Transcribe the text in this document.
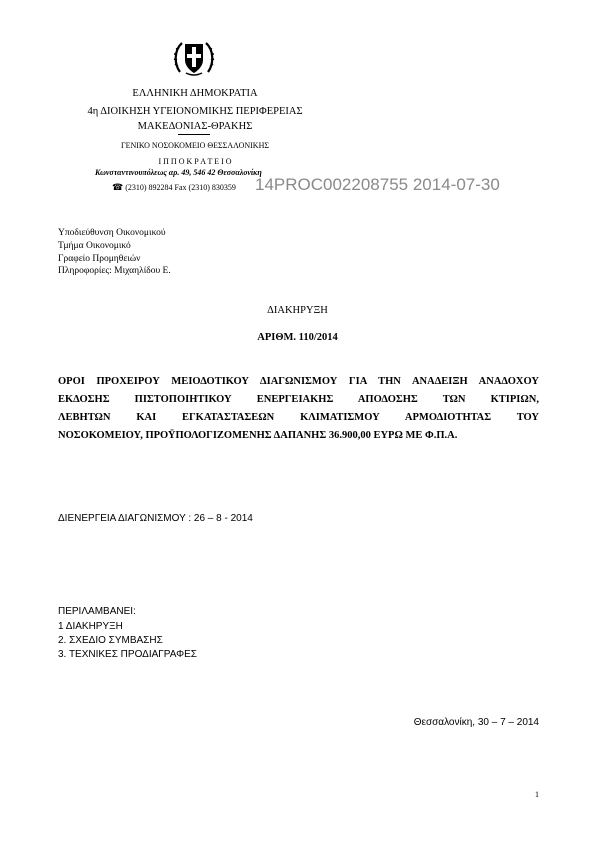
ΕΛΛΗΝΙΚΗ ΔΗΜΟΚΡΑΤΙΑ
4η ΔΙΟΙΚΗΣΗ ΥΓΕΙΟΝΟΜΙΚΗΣ ΠΕΡΙΦΕΡΕΙΑΣ
ΜΑΚΕΔΟΝΙΑΣ-ΘΡΑΚΗΣ
ΓΕΝΙΚΟ ΝΟΣΟΚΟΜΕΙΟ ΘΕΣΣΑΛΟΝΙΚΗΣ
Ι Π Π Ο Κ Ρ Α Τ Ε Ι Ο
Κωνσταντινουπόλεως αρ. 49, 546 42 Θεσσαλονίκη
☎ (2310) 892284 Fax (2310) 830359 14PROC002208755 2014-07-30
Υποδιεύθυνση Οικονομικού
Τμήμα Οικονομικό
Γραφείο Προμηθειών
Πληροφορίες: Μιχαηλίδου Ε.
ΔΙΑΚΗΡΥΞΗ
ΑΡΙΘΜ. 110/2014
ΟΡΟΙ ΠΡΟΧΕΙΡΟΥ ΜΕΙΟΔΟΤΙΚΟΥ ΔΙΑΓΩΝΙΣΜΟΥ ΓΙΑ ΤΗΝ ΑΝΑΔΕΙΞΗ ΑΝΑΔΟΧΟΥ
ΕΚΔΟΣΗΣ ΠΙΣΤΟΠΟΙΗΤΙΚΟΥ ΕΝΕΡΓΕΙΑΚΗΣ ΑΠΟΔΟΣΗΣ ΤΩΝ ΚΤΙΡΙΩΝ,
ΛΕΒΗΤΩΝ ΚΑΙ ΕΓΚΑΤΑΣΤΑΣΕΩΝ ΚΛΙΜΑΤΙΣΜΟΥ ΑΡΜΟΔΙΟΤΗΤΑΣ ΤΟΥ
ΝΟΣΟΚΟΜΕΙΟΥ, ΠΡΟΫΠΟΛΟΓΙΖΟΜΕΝΗΣ ΔΑΠΑΝΗΣ 36.900,00 ΕΥΡΩ ΜΕ Φ.Π.Α.
ΔΙΕΝΕΡΓΕΙΑ ΔΙΑΓΩΝΙΣΜΟΥ : 26 – 8 - 2014
ΠΕΡΙΛΑΜΒΑΝΕΙ:
1 ΔΙΑΚΗΡΥΞΗ
2. ΣΧΕΔΙΟ ΣΥΜΒΑΣΗΣ
3. ΤΕΧΝΙΚΕΣ ΠΡΟΔΙΑΓΡΑΦΕΣ
Θεσσαλονίκη, 30 – 7 – 2014
1
